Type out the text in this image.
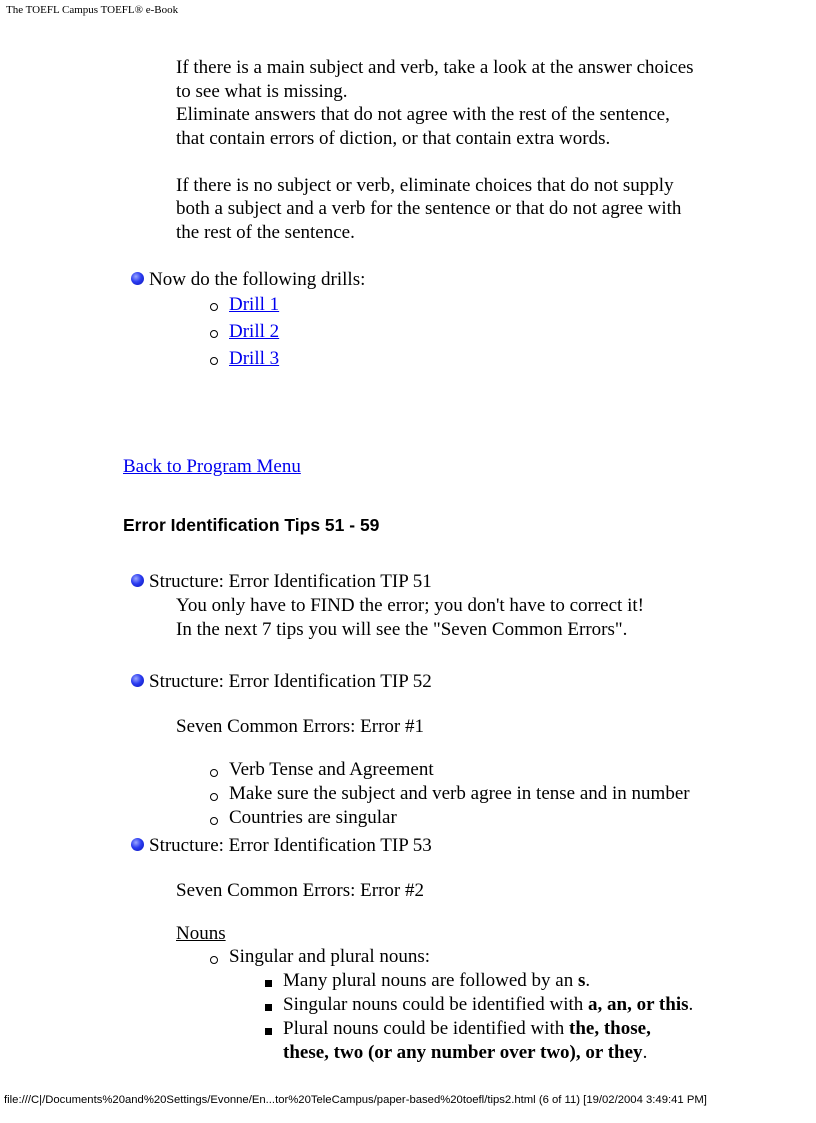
The TOEFL Campus TOEFL® e-Book
If there is a main subject and verb, take a look at the answer choices
to see what is missing.
Eliminate answers that do not agree with the rest of the sentence,
that contain errors of diction, or that contain extra words.
If there is no subject or verb, eliminate choices that do not supply
both a subject and a verb for the sentence or that do not agree with
the rest of the sentence.
Now do the following drills:
Drill 1
Drill 2
Drill 3
Back to Program Menu
Error Identification Tips 51 - 59
Structure: Error Identification TIP 51
You only have to FIND the error; you don't have to correct it!
In the next 7 tips you will see the "Seven Common Errors".
Structure: Error Identification TIP 52
Seven Common Errors: Error #1
Verb Tense and Agreement
Make sure the subject and verb agree in tense and in number
Countries are singular
Structure: Error Identification TIP 53
Seven Common Errors: Error #2
Nouns
Singular and plural nouns:
Many plural nouns are followed by an s.
Singular nouns could be identified with a, an, or this.
Plural nouns could be identified with the, those,
these, two (or any number over two), or they.
file:///C|/Documents%20and%20Settings/Evonne/En...tor%20TeleCampus/paper-based%20toefl/tips2.html (6 of 11) [19/02/2004 3:49:41 PM]
